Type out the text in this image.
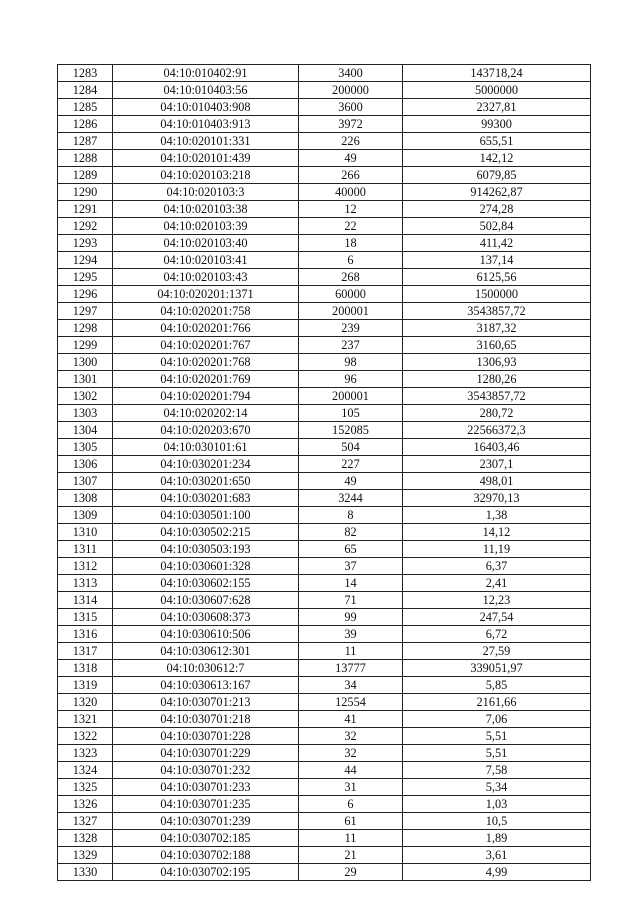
1283	04:10:010402:91	3400	143718,24
1284	04:10:010403:56	200000	5000000
1285	04:10:010403:908	3600	2327,81
1286	04:10:010403:913	3972	99300
1287	04:10:020101:331	226	655,51
1288	04:10:020101:439	49	142,12
1289	04:10:020103:218	266	6079,85
1290	04:10:020103:3	40000	914262,87
1291	04:10:020103:38	12	274,28
1292	04:10:020103:39	22	502,84
1293	04:10:020103:40	18	411,42
1294	04:10:020103:41	6	137,14
1295	04:10:020103:43	268	6125,56
1296	04:10:020201:1371	60000	1500000
1297	04:10:020201:758	200001	3543857,72
1298	04:10:020201:766	239	3187,32
1299	04:10:020201:767	237	3160,65
1300	04:10:020201:768	98	1306,93
1301	04:10:020201:769	96	1280,26
1302	04:10:020201:794	200001	3543857,72
1303	04:10:020202:14	105	280,72
1304	04:10:020203:670	152085	22566372,3
1305	04:10:030101:61	504	16403,46
1306	04:10:030201:234	227	2307,1
1307	04:10:030201:650	49	498,01
1308	04:10:030201:683	3244	32970,13
1309	04:10:030501:100	8	1,38
1310	04:10:030502:215	82	14,12
1311	04:10:030503:193	65	11,19
1312	04:10:030601:328	37	6,37
1313	04:10:030602:155	14	2,41
1314	04:10:030607:628	71	12,23
1315	04:10:030608:373	99	247,54
1316	04:10:030610:506	39	6,72
1317	04:10:030612:301	11	27,59
1318	04:10:030612:7	13777	339051,97
1319	04:10:030613:167	34	5,85
1320	04:10:030701:213	12554	2161,66
1321	04:10:030701:218	41	7,06
1322	04:10:030701:228	32	5,51
1323	04:10:030701:229	32	5,51
1324	04:10:030701:232	44	7,58
1325	04:10:030701:233	31	5,34
1326	04:10:030701:235	6	1,03
1327	04:10:030701:239	61	10,5
1328	04:10:030702:185	11	1,89
1329	04:10:030702:188	21	3,61
1330	04:10:030702:195	29	4,99
